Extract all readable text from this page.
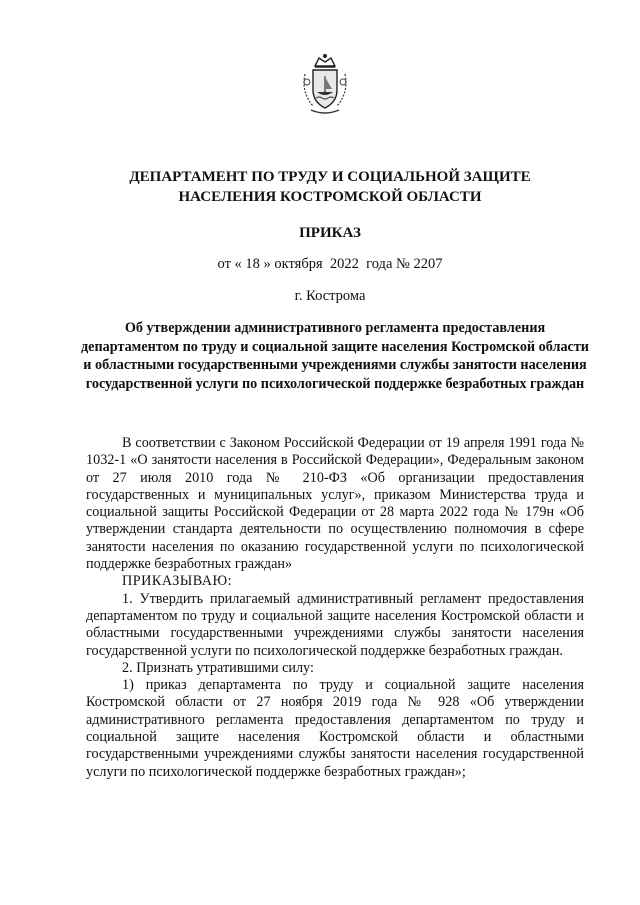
ДЕПАРТАМЕНТ ПО ТРУДУ И СОЦИАЛЬНОЙ ЗАЩИТЕ
НАСЕЛЕНИЯ КОСТРОМСКОЙ ОБЛАСТИ
ПРИКАЗ
от « 18 » октября  2022  года № 2207
г. Кострома
Об утверждении административного регламента предоставления департаментом по труду и социальной защите населения Костромской области и областными государственными учреждениями службы занятости населения государственной услуги по психологической поддержке безработных граждан

В соответствии с Законом Российской Федерации от 19 апреля 1991 года № 1032-1 «О занятости населения в Российской Федерации», Федеральным законом от 27 июля 2010 года № 210-ФЗ «Об организации предоставления государственных и муниципальных услуг», приказом Министерства труда и социальной защиты Российской Федерации от 28 марта 2022 года № 179н «Об утверждении стандарта деятельности по осуществлению полномочия в сфере занятости населения по оказанию государственной услуги по психологической поддержке безработных граждан»

ПРИКАЗЫВАЮ:

1. Утвердить прилагаемый административный регламент предоставления департаментом по труду и социальной защите населения Костромской области и областными государственными учреждениями службы занятости населения государственной услуги по психологической поддержке безработных граждан.

2. Признать утратившими силу:

1) приказ департамента по труду и социальной защите населения Костромской области от 27 ноября 2019 года № 928 «Об утверждении административного регламента предоставления департаментом по труду и социальной защите населения Костромской области и областными государственными учреждениями службы занятости населения государственной услуги по психологической поддержке безработных граждан»;
